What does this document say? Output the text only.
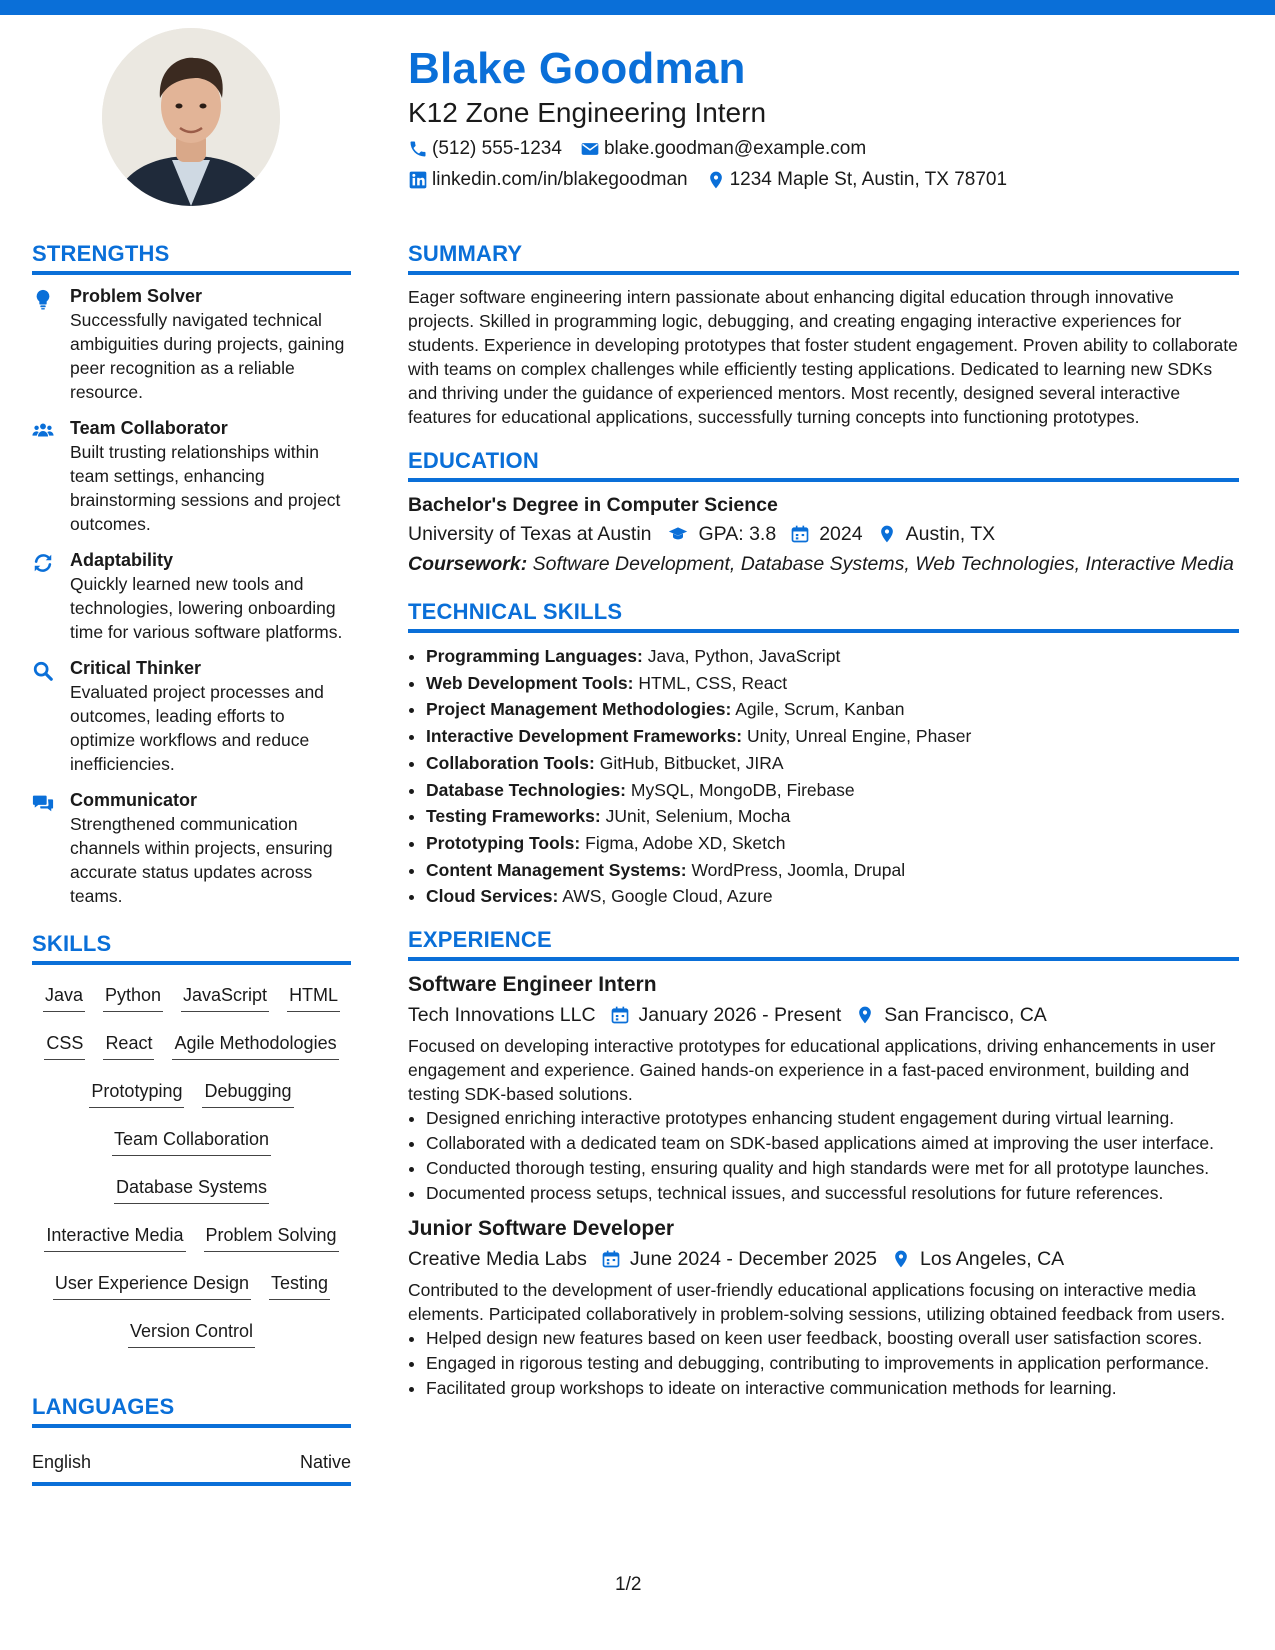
Blake Goodman
K12 Zone Engineering Intern
(512) 555-1234 blake.goodman@example.com
linkedin.com/in/blakegoodman 1234 Maple St, Austin, TX 78701
STRENGTHS
Problem Solver
Successfully navigated technical ambiguities during projects, gaining peer recognition as a reliable resource.
Team Collaborator
Built trusting relationships within team settings, enhancing brainstorming sessions and project outcomes.
Adaptability
Quickly learned new tools and technologies, lowering onboarding time for various software platforms.
Critical Thinker
Evaluated project processes and outcomes, leading efforts to optimize workflows and reduce inefficiencies.
Communicator
Strengthened communication channels within projects, ensuring accurate status updates across teams.
SKILLS
Java Python JavaScript HTML
CSS React Agile Methodologies
Prototyping Debugging
Team Collaboration
Database Systems
Interactive Media Problem Solving
User Experience Design Testing
Version Control
LANGUAGES
English	Native
SUMMARY

Eager software engineering intern passionate about enhancing digital education through innovative projects. Skilled in programming logic, debugging, and creating engaging interactive experiences for students. Experience in developing prototypes that foster student engagement. Proven ability to collaborate with teams on complex challenges while efficiently testing applications. Dedicated to learning new SDKs and thriving under the guidance of experienced mentors. Most recently, designed several interactive features for educational applications, successfully turning concepts into functioning prototypes.

EDUCATION
Bachelor's Degree in Computer Science
University of Texas at Austin GPA: 3.8 2024 Austin, TX
Coursework: Software Development, Database Systems, Web Technologies, Interactive Media
TECHNICAL SKILLS
• Programming Languages: Java, Python, JavaScript
• Web Development Tools: HTML, CSS, React
• Project Management Methodologies: Agile, Scrum, Kanban
• Interactive Development Frameworks: Unity, Unreal Engine, Phaser
• Collaboration Tools: GitHub, Bitbucket, JIRA
• Database Technologies: MySQL, MongoDB, Firebase
• Testing Frameworks: JUnit, Selenium, Mocha
• Prototyping Tools: Figma, Adobe XD, Sketch
• Content Management Systems: WordPress, Joomla, Drupal
• Cloud Services: AWS, Google Cloud, Azure
EXPERIENCE
Software Engineer Intern
Tech Innovations LLC January 2026 - Present San Francisco, CA

Focused on developing interactive prototypes for educational applications, driving enhancements in user engagement and experience. Gained hands-on experience in a fast-paced environment, building and testing SDK-based solutions.

• Designed enriching interactive prototypes enhancing student engagement during virtual learning.
• Collaborated with a dedicated team on SDK-based applications aimed at improving the user interface.
• Conducted thorough testing, ensuring quality and high standards were met for all prototype launches.
• Documented process setups, technical issues, and successful resolutions for future references.
Junior Software Developer
Creative Media Labs June 2024 - December 2025 Los Angeles, CA

Contributed to the development of user-friendly educational applications focusing on interactive media elements. Participated collaboratively in problem-solving sessions, utilizing obtained feedback from users.

• Helped design new features based on keen user feedback, boosting overall user satisfaction scores.
• Engaged in rigorous testing and debugging, contributing to improvements in application performance.
• Facilitated group workshops to ideate on interactive communication methods for learning.
1/2
